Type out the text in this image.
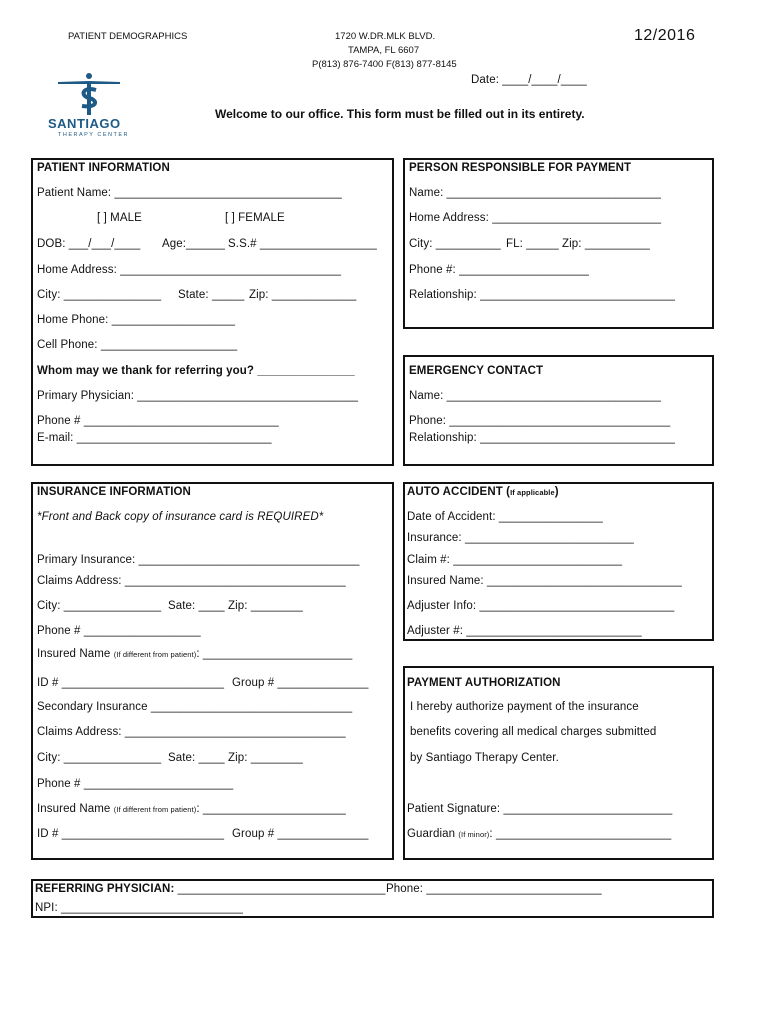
PATIENT DEMOGRAPHICS	1720 W.DR.MLK BLVD.
TAMPA, FL 6607
P(813) 876-7400 F(813) 877-8145
12/2016
Date: ____/____/____
SANTIAGO
THERAPY CENTER
Welcome to our office. This form must be filled out in its entirety.
PATIENT INFORMATION
Patient Name: ___________________________________
[ ] MALE	[ ] FEMALE
DOB: ___/___/____ Age:______ S.S.# __________________
Home Address: __________________________________
City: _______________ State: _____ Zip: _____________
Home Phone: ___________________
Cell Phone: _____________________
Whom may we thank for referring you? _______________
Primary Physician: __________________________________
Phone # ______________________________
E-mail: ______________________________
PERSON RESPONSIBLE FOR PAYMENT
Name: _________________________________
Home Address: __________________________
City: __________ FL: _____ Zip: __________
Phone #: ____________________
Relationship: ______________________________
EMERGENCY CONTACT
Name: _________________________________
Phone: __________________________________
Relationship: ______________________________
INSURANCE INFORMATION
*Front and Back copy of insurance card is REQUIRED*
Primary Insurance: __________________________________
Claims Address: __________________________________
City: _______________ Sate: ____ Zip: ________
Phone # __________________
Insured Name (If different from patient): _______________________
ID # _________________________ Group # ______________
Secondary Insurance _______________________________
Claims Address: __________________________________
City: _______________ Sate: ____ Zip: ________
Phone # _______________________
Insured Name (If different from patient): ______________________
ID # _________________________ Group # ______________
AUTO ACCIDENT (If applicable)
Date of Accident: ________________
Insurance: __________________________
Claim #: __________________________
Insured Name: ______________________________
Adjuster Info: ______________________________
Adjuster #: ___________________________
PAYMENT AUTHORIZATION
I hereby authorize payment of the insurance
benefits covering all medical charges submitted
by Santiago Therapy Center.
Patient Signature: __________________________
Guardian (If minor): ___________________________
REFERRING PHYSICIAN: ________________________________ Phone: ___________________________
NPI: ____________________________
